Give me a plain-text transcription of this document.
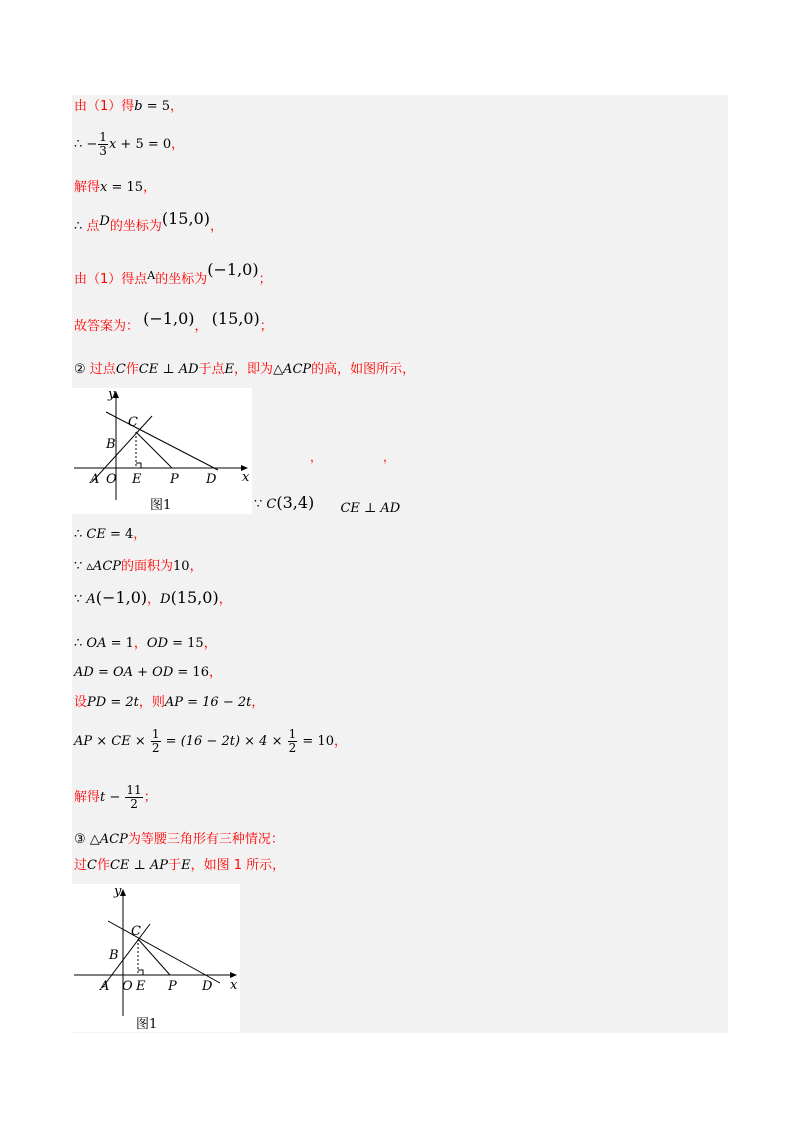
由（1）得b = 5，
∴ − $\frac{1}{3}$ x + 5 = 0，
解得x = 15，
∴ 点D的坐标为(15,0)，
由（1）得点$^A$的坐标为(−1,0)；
故答案为： (−1,0)， (15,0)；
② 过点C作CE ⊥ AD于点E，即为△ACP的高，如图所示，
y
x
C
B
A O E P D
图1
，	，
∵ C(3,4) CE ⊥ AD
∴ CE = 4，
∵ ▵ACP的面积为10，
∵ A(−1,0)，D(15,0)，
∴ OA = 1，OD = 15，
AD = OA + OD = 16，
设PD = 2t，则AP = 16 − 2t，
AP × CE × $\frac{1}{2} = (16 - 2t) \times 4 \times \frac{1}{2} = 10$，
解得$t - \frac{11}{2}$ ；
③ △ACP为等腰三角形有三种情况：
过C作CE ⊥ AP于E，如图 1 所示，
y
x
C
B
A O E P D
图1
